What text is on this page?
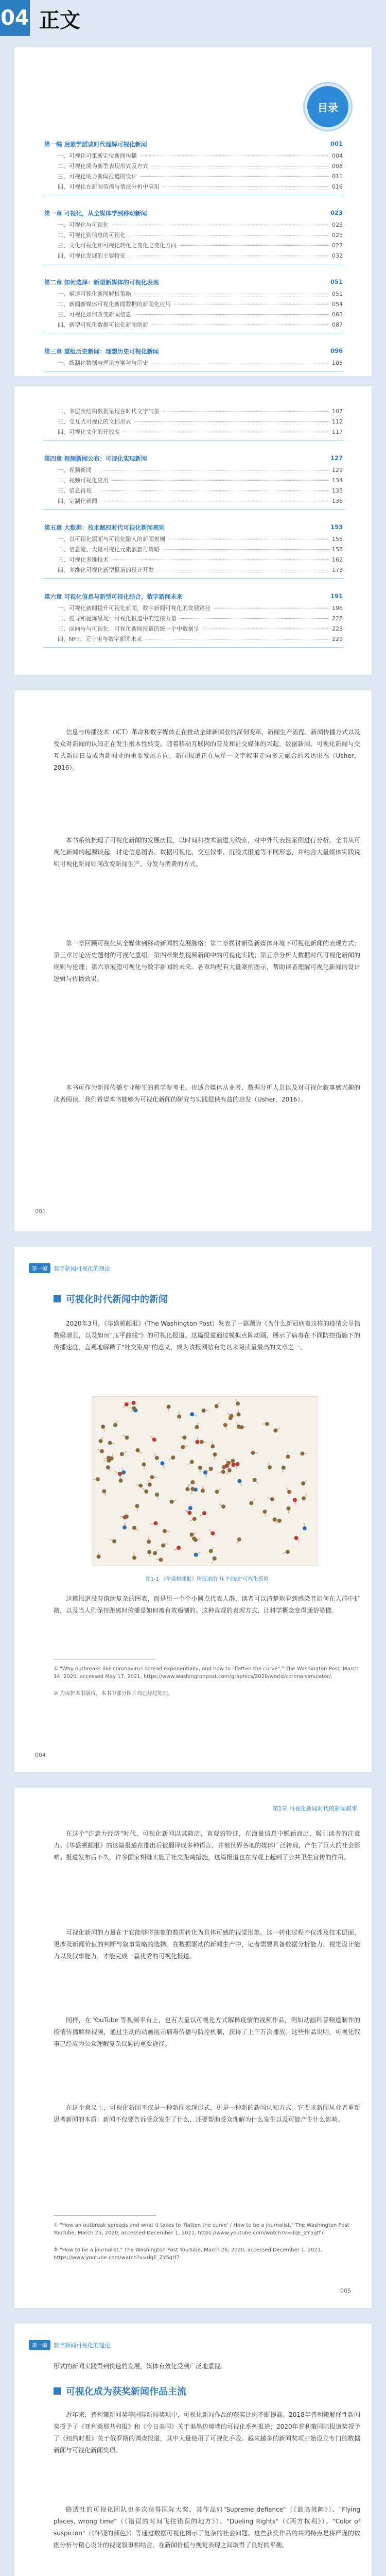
04 正文
目录
第一编 启蒙学派谈时代理解可视化新闻	001
一、可视化可重新定位新闻传播	004
二、可视化成为新型表现形式及方式	008
三、可视化助力新闻报道的设计	011
四、可视化在新闻传播与情报分析中应用	016
第一章 可视化，从全媒体学到移动新闻	023
一、可视化与可视化	023
二、可视化到信息的可视化	025
三、文化可视化和可视化转化之变化之变化方向	027
四、可视化发展的主要特征	032
第二章 如何选择：新型新媒体的可视化表现	051
一、描述可视化新闻解析策略	051
二、新闻新媒体可视化新闻数据的新闻化应用	054
三、可视化如何改变新闻信息	063
四、新型可视化数据可视化新闻创新	087
第三章 重组历史新闻：理想历史可视化新闻	096
一、纸制化数据与理论方案与与历史	105
二、多层次结构数据呈现在时代文字气象	107
三、交互式可视化的文档形式	112
四、可视化文化的开放度	117
第四章 视频新闻公布：可视化实现新闻	127
一、视频新闻	129
二、视频可视化应用	134
三、信息再现	135
四、定制化新闻	136
第五章 大数据：技术赋权时代可视化新闻规则	153
一、以可视化层面与可视化融入的新闻规则	155
二、信息流、大量可视化元素嵌套与策略	158
三、可视化多维技术	162
四、多维化可视化新型报道的设计开发	173
第六章 可视化信息与新型可视化结合，数字新闻未来	191
一、可视化新闻提升可视化新闻，数字新闻可视化的发展路径	196
二、搜寻和提炼呈现：可视化报道中的连接力量	228
三、面向与与可视化：可视化新闻报道的统一个中数据呈	223
四、NFT、元宇宙与数字新闻未来	229
信息与传播技术（ICT）革命和数字媒体正在推动全球新闻业的深刻变革，新闻生产流程、新闻传播方式以及受众对新闻的认知正在发生根本性转变。随着移动互联网的普及和社交媒体的兴起，数据新闻、可视化新闻与交互式新闻日益成为新闻业的重要发展方向，新闻报道正在从单一文字叙事走向多元融合的表达形态（Usher，2016）。
本书系统梳理了可视化新闻的发展历程，以时间和技术演进为线索，对中外代表性案例进行分析。全书从可视化新闻的起源谈起，讨论信息图表、数据可视化、交互叙事、沉浸式报道等不同形态，并结合大量媒体实践说明可视化新闻如何改变新闻生产、分发与消费的方式。
第一章回顾可视化从全媒体到移动新闻的发展脉络；第二章探讨新型新媒体环境下可视化新闻的表现方式；第三章讨论历史题材的可视化重组；第四章聚焦视频新闻中的可视化实践；第五章分析大数据时代可视化新闻的规则与伦理；第六章展望可视化与数字新闻的未来。各章均配有大量案例图示，帮助读者理解可视化新闻的设计逻辑与传播效果。
本书可作为新闻传播专业师生的教学参考书，也适合媒体从业者、数据分析人员以及对可视化叙事感兴趣的读者阅读。我们希望本书能够为可视化新闻的研究与实践提供有益的启发（Usher，2016）。
001
第一编	数字新闻可视化的理论
可视化时代新闻中的新闻
2020年3月，《华盛顿邮报》（The Washington Post）发表了一篇题为《为什么新冠病毒这样的疫情会呈指数级增长，以及如何"压平曲线"》的可视化报道。这篇报道通过模拟点阵动画，展示了病毒在不同防控措施下的传播速度，直观地解释了"社交距离"的意义，成为该报网站有史以来阅读量最高的文章之一。
图1-1 《华盛顿邮报》所报道的"压平曲线"可视化模拟
这篇报道没有借助复杂的图表，而是用一个个小圆点代表人群，读者可以清楚地看到感染者如何在人群中扩散，以及当人们保持距离时传播是如何被有效遏制的。这种直观的表现方式，让科学概念变得通俗易懂。
① "Why outbreaks like coronavirus spread exponentially, and how to "flatten the curve"." The Washington Post. March 14, 2020. accessed May 17, 2021, https://www.washingtonpost.com/graphics/2020/world/corona-simulator/.
② 为保护本书版权，本书中部分图片均已经过处理。
004
第1章 可视化新闻时代的新闻叙事
在这个"注意力经济"时代，可视化新闻以其简洁、直观的特征，在海量信息中脱颖而出，吸引读者的注意力。《华盛顿邮报》的这篇报道在推出后被翻译成多种语言，并被世界各地的媒体广泛转载，产生了巨大的社会影响。报道发布后不久，许多国家相继实施了社交距离措施，这篇报道也在客观上起到了公共卫生宣传的作用。
可视化新闻的力量在于它能够将抽象的数据转化为具体可感的视觉形象。这一转化过程不仅涉及技术层面，更涉及新闻价值的判断与叙事策略的选择。在数据驱动的新闻生产中，记者需要具备数据分析能力、视觉设计能力以及叙事能力，才能完成一篇优秀的可视化报道。
同样，在 YouTube 等视频平台上，也有大量以可视化方式解释疫情的视频作品，例如动画科普频道制作的疫情传播解释视频，通过生动的动画展示病毒传播与防控机制，获得了上千万次播放。这些作品说明，可视化叙事已经成为公众理解复杂议题的重要途径。
在这个意义上，可视化新闻不仅是一种新闻表现形式，更是一种新的新闻认知方式。它要求新闻从业者重新思考新闻的本质：新闻不仅要告诉受众发生了什么，还要帮助受众理解为什么发生以及可能产生什么影响。
① "How an outbreak spreads and what it takes to 'flatten the curve' / How to be a journalist," The Washington Post YouTube, March 25, 2020, accessed December 1, 2021, https://www.youtube.com/watch?v=dqE_ZY5gtf7
② "How to be a journalist," The Washington Post YouTube, March 26, 2020, accessed December 1, 2021, https://www.youtube.com/watch?v=dqE_ZY5gtf7
005
第一编	数字新闻可视化的理论
形式的新闻实践得到快速的发展，媒体有效化受到广泛地重视。
可视化成为获奖新闻作品主流
近年来，普利策新闻奖等国际新闻奖项中，可视化新闻作品的获奖比例不断提高。2018年普利策解释性新闻奖授予了《亚利桑那共和报》和《今日美国》关于美墨边境墙的可视化系列报道；2020年普利策国际报道奖授予了《纽约时报》关于俄罗斯的调查报道，其中大量使用了可视化手段。越来越多的新闻奖项开始设立专门的数据新闻与可视化新闻奖项。
路透社的可视化团队也多次获得国际大奖，其作品如"Supreme defiance"（《最高挑衅》）、"Flying places, wrong time"（《错误的时间飞往错误的地方》）、"Dueling Rights"（《两方权利》）、"Color of suspicion"（《怀疑的颜色》）等通过数据可视化揭示了复杂的社会问题。这些获奖作品的共同特点是将严谨的数据分析与精心设计的视觉叙事相结合，在新闻价值与视觉表现之间取得了良好的平衡。
